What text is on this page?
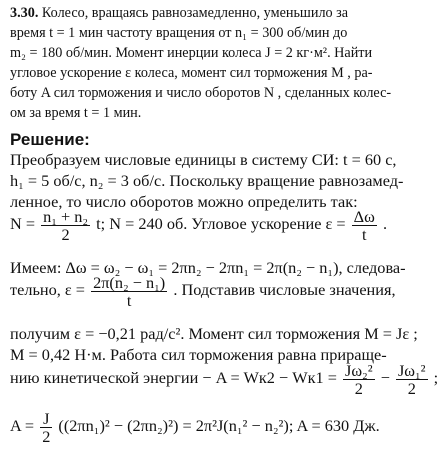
3.30. Колесо, вращаясь равнозамедленно, уменьшило за
время t = 1 мин частоту вращения от n₁ = 300 об/мин до
m₂ = 180 об/мин. Момент инерции колеса J = 2 кг·м². Найти
угловое ускорение ε колеса, момент сил торможения M , ра-
боту A сил торможения и число оборотов N , сделанных колес-
ом за время t = 1 мин.
Решение:
Преобразуем числовые единицы в систему СИ: t = 60 с,
h₁ = 5 об/с, n₂ = 3 об/с. Поскольку вращение равнозамед-
ленное, то число оборотов можно определить так:
$N = \frac{\text{n₁ + n₂}}{2} t$; N = 240 об. Угловое ускорение $\varepsilon = \frac{\Delta\omega}{t}$ .
Имеем: Δω = ω₂ − ω₁ = 2πn₂ − 2πn₁ = 2π(n₂ − n₁), следова-
тельно, $\varepsilon = \frac{\text{2π(n₂ − n₁)}}{t}$ . Подставив числовые значения,
получим ε = −0,21 рад/с². Момент сил торможения M = Jε ;
M = 0,42 Н·м. Работа сил торможения равна прираще-
нию кинетической энергии − $A = Wк2 - Wк1 = \frac{\text{Jω₂²}}{2} - \frac{\text{Jω₁²}}{2}$ ;
$A = \frac{J}{2} ((2\pi n_1)^2 - (2\pi n_2)^2) = 2\pi^2J(n_1^2 - n_2^2)$; A = 630 Дж.
